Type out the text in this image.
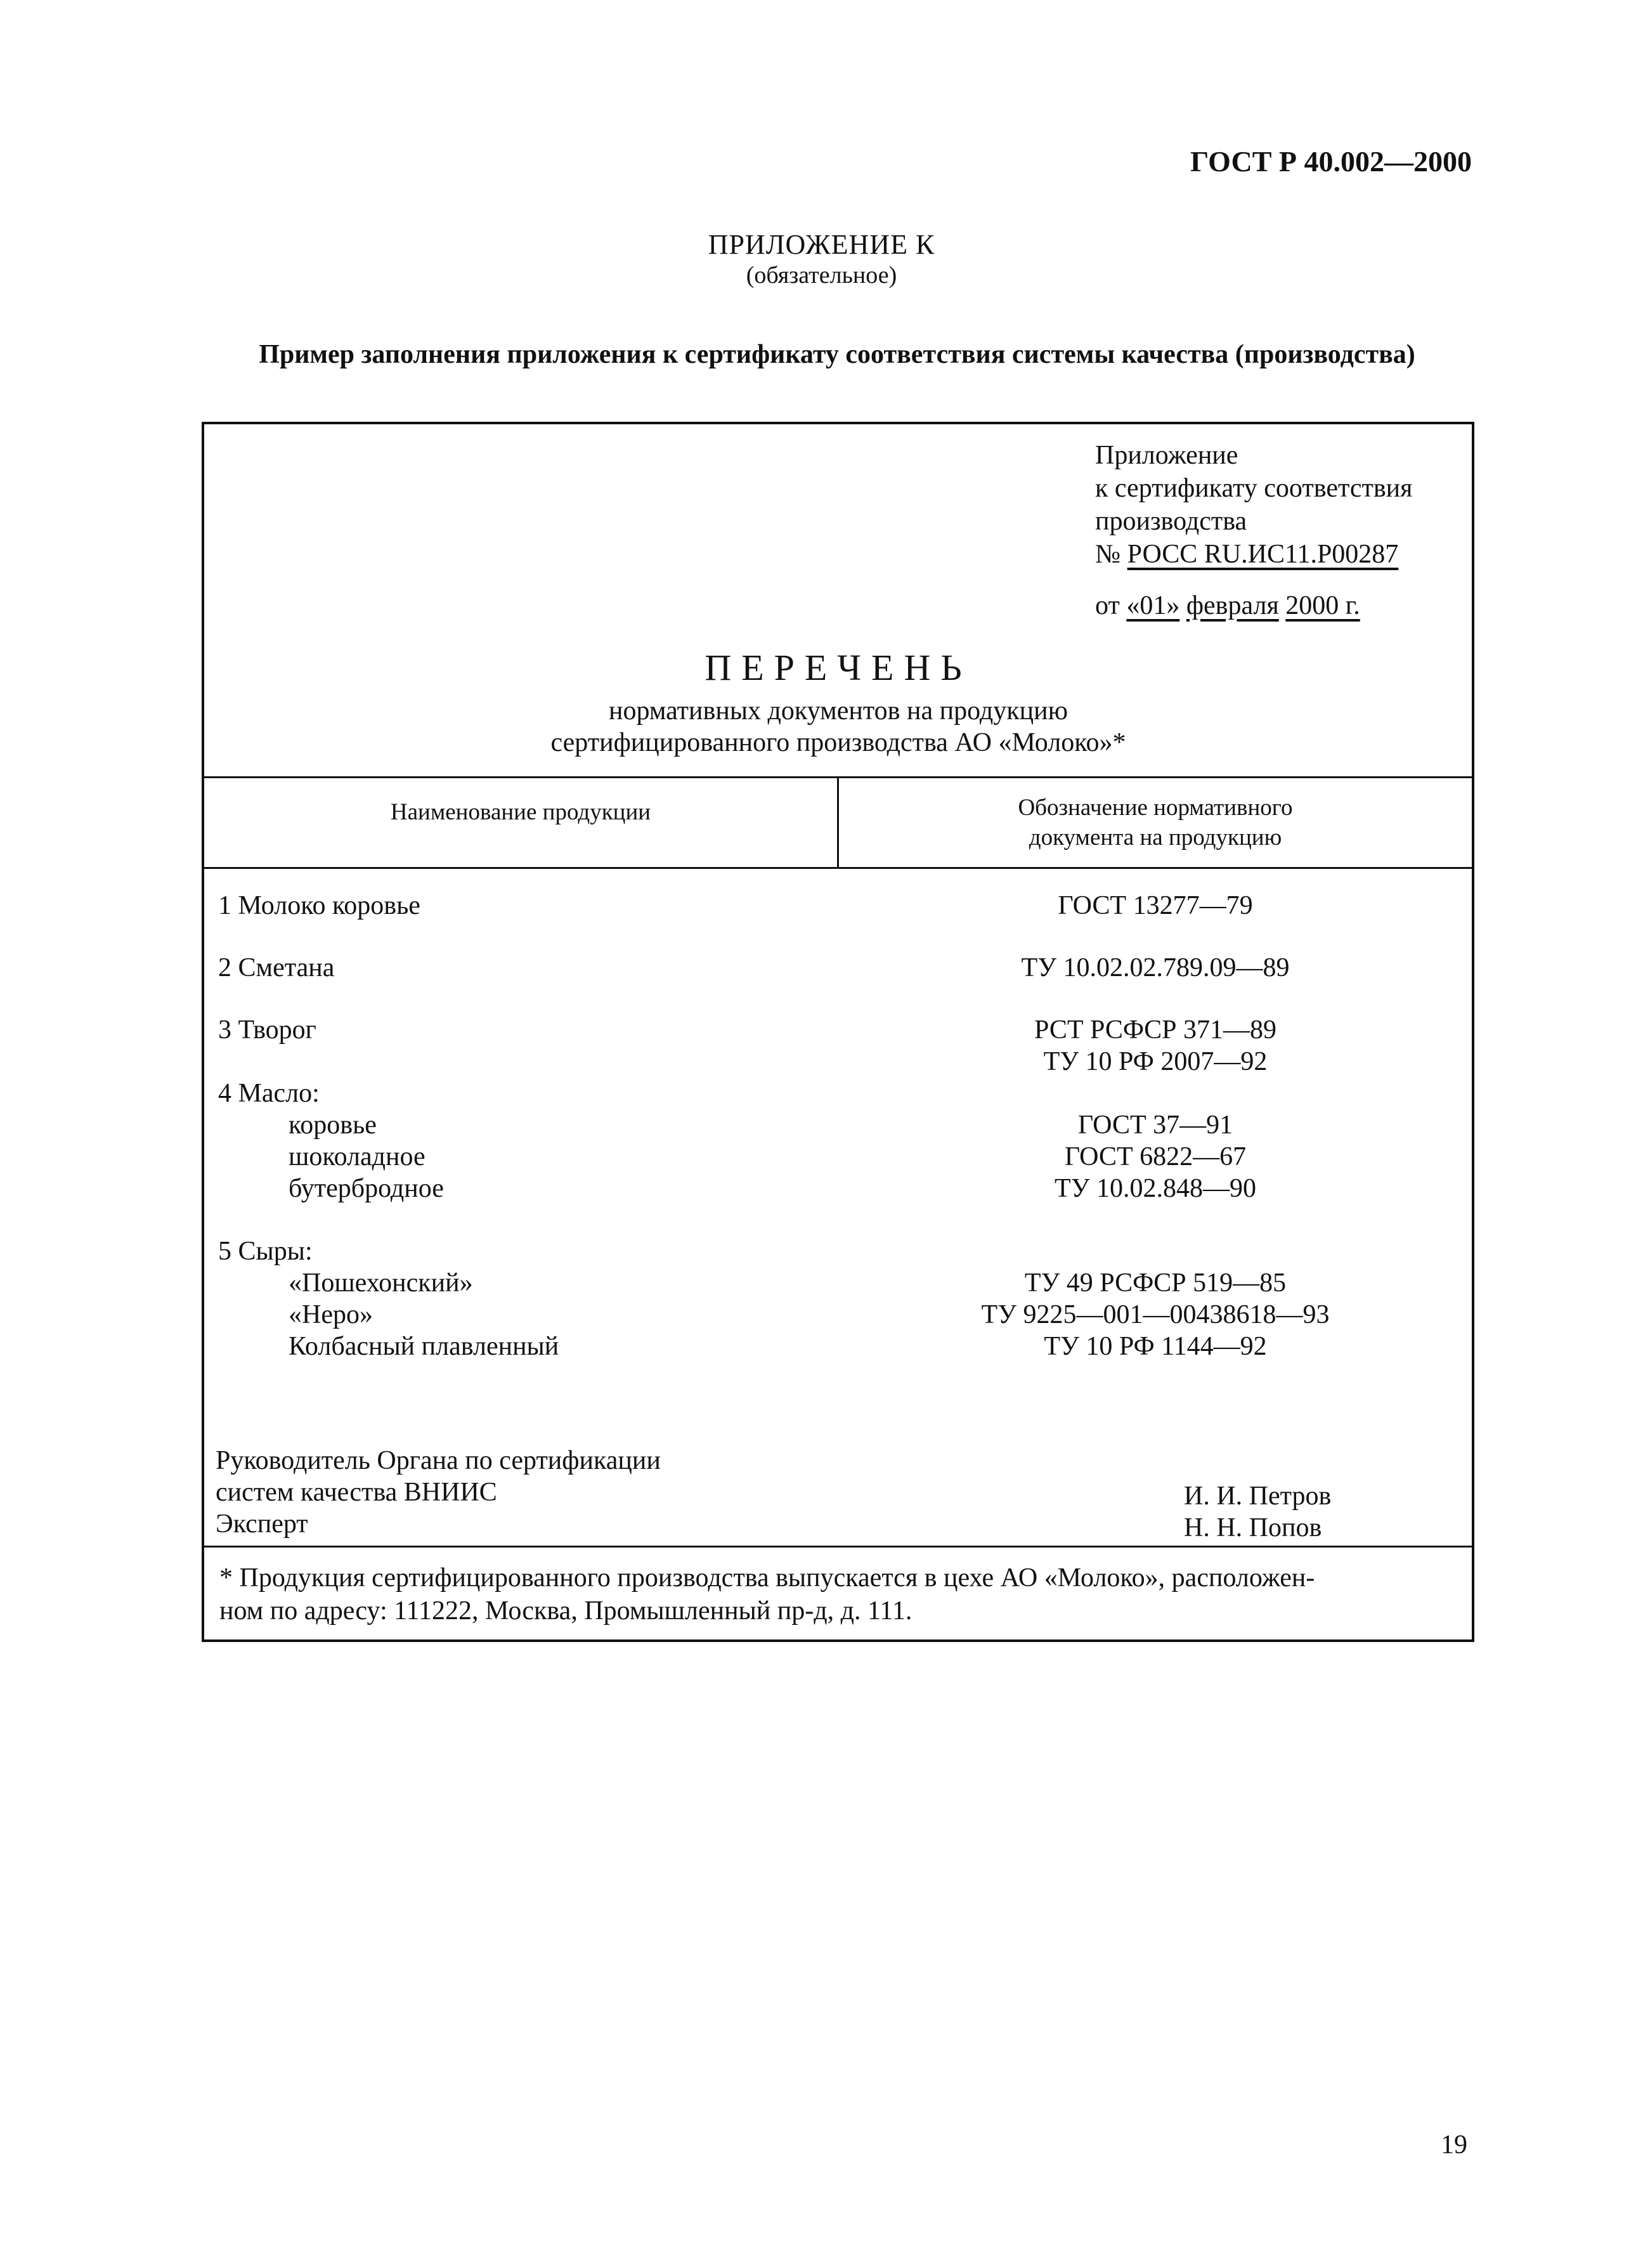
ГОСТ Р 40.002—2000
ПРИЛОЖЕНИЕ К
(обязательное)
Пример заполнения приложения к сертификату соответствия системы качества (производства)
Приложение
к сертификату соответствия
производства
№ РОСС RU.ИС11.Р00287
от «01» февраля 2000 г.
ПЕРЕЧЕНЬ
нормативных документов на продукцию
сертифицированного производства АО «Молоко»*
Наименование продукции	Обозначение нормативного
документа на продукцию
1 Молоко коровье	ГОСТ 13277—79
2 Сметана	ТУ 10.02.02.789.09—89
3 Творог	РСТ РСФСР 371—89
ТУ 10 РФ 2007—92
4 Масло:
коровье	ГОСТ 37—91
шоколадное	ГОСТ 6822—67
бутербродное	ТУ 10.02.848—90
5 Сыры:
«Пошехонский»	ТУ 49 РСФСР 519—85
«Неро»	ТУ 9225—001—00438618—93
Колбасный плавленный	ТУ 10 РФ 1144—92
Руководитель Органа по сертификации
систем качества ВНИИС	И. И. Петров
Эксперт	Н. Н. Попов
* Продукция сертифицированного производства выпускается в цехе АО «Молоко», расположен-
ном по адресу: 111222, Москва, Промышленный пр-д, д. 111.
19
